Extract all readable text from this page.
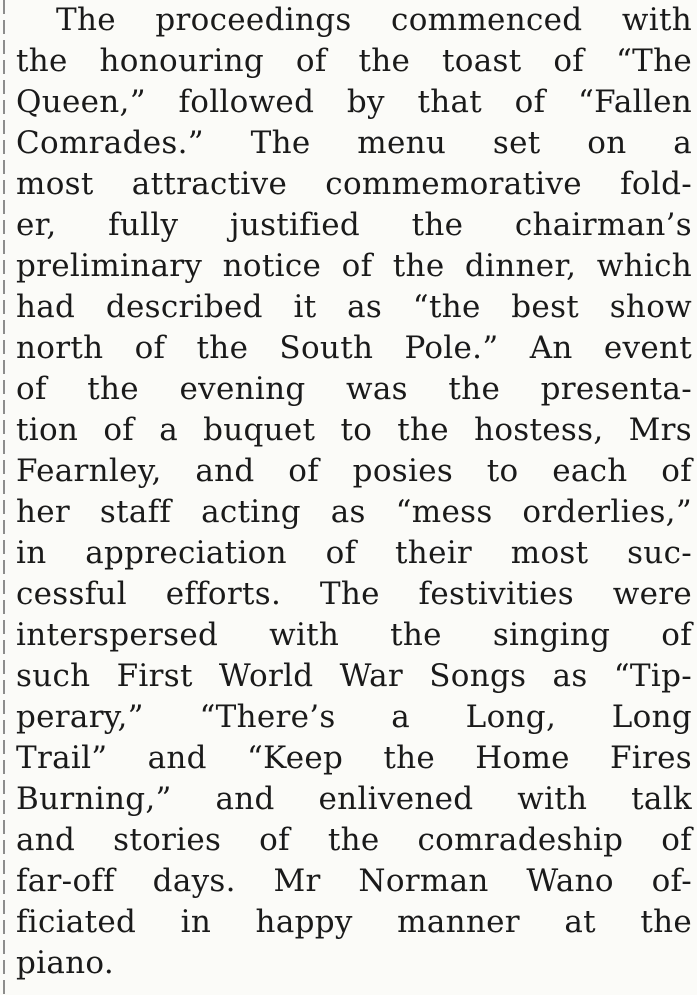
The proceedings commenced with
the honouring of the toast of “The
Queen,” followed by that of “Fallen
Comrades.” The menu set on a
most attractive commemorative fold-
er, fully justified the chairman’s
preliminary notice of the dinner, which
had described it as “the best show
north of the South Pole.” An event
of the evening was the presenta-
tion of a buquet to the hostess, Mrs
Fearnley, and of posies to each of
her staff acting as “mess orderlies,”
in appreciation of their most suc-
cessful efforts. The festivities were
interspersed with the singing of
such First World War Songs as “Tip-
perary,” “There’s a Long, Long
Trail” and “Keep the Home Fires
Burning,” and enlivened with talk
and stories of the comradeship of
far-off days. Mr Norman Wano of-
ficiated in happy manner at the
piano.
